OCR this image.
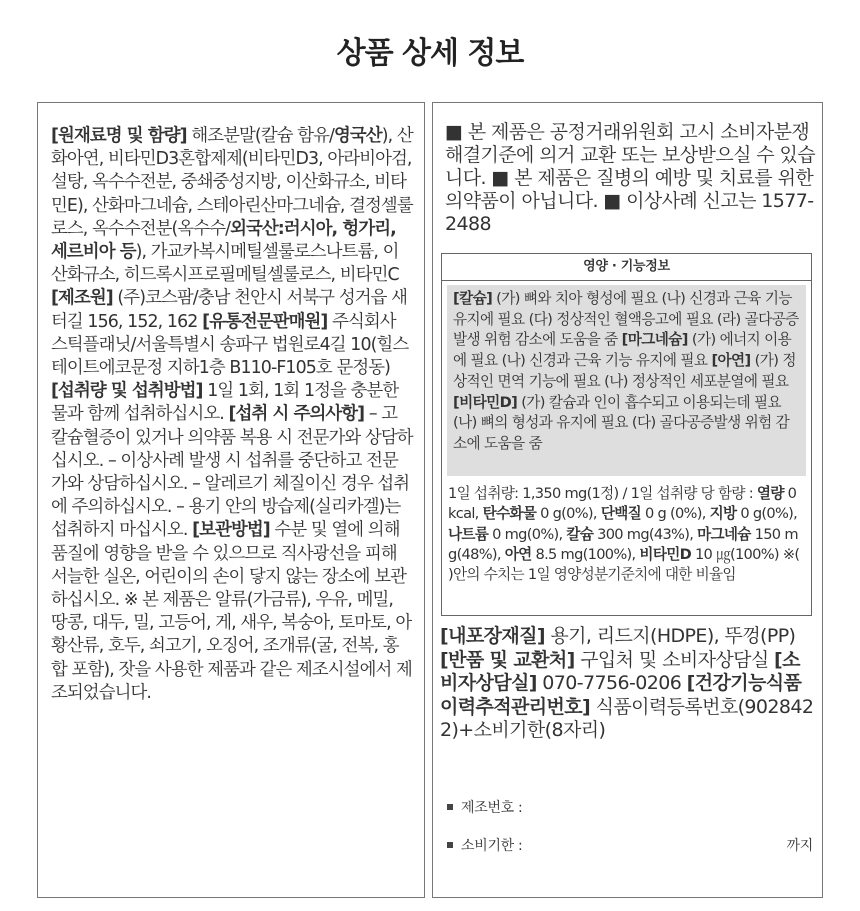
상품 상세 정보
[원재료명 및 함량] 해조분말(칼슘 함유/영국산), 산화아연, 비타민D3혼합제제(비타민D3, 아라비아검, 설탕, 옥수수전분, 중쇄중성지방, 이산화규소, 비타민E), 산화마그네슘, 스테아린산마그네슘, 결정셀룰로스, 옥수수전분(옥수수/외국산:러시아, 헝가리, 세르비아 등), 가교카복시메틸셀룰로스나트륨, 이산화규소, 히드록시프로필메틸셀룰로스, 비타민C [제조원] (주)코스팜/충남 천안시 서북구 성거읍 새터길 156, 152, 162 [유통전문판매원] 주식회사 스틱플래닛/서울특별시 송파구 법원로4길 10(힐스테이트에코문정 지하1층 B110-F105호 문정동) [섭취량 및 섭취방법] 1일 1회, 1회 1정을 충분한 물과 함께 섭취하십시오. [섭취 시 주의사항] – 고칼슘혈증이 있거나 의약품 복용 시 전문가와 상담하십시오. – 이상사례 발생 시 섭취를 중단하고 전문가와 상담하십시오. – 알레르기 체질이신 경우 섭취에 주의하십시오. – 용기 안의 방습제(실리카겔)는 섭취하지 마십시오. [보관방법] 수분 및 열에 의해 품질에 영향을 받을 수 있으므로 직사광선을 피해 서늘한 실온, 어린이의 손이 닿지 않는 장소에 보관하십시오. ※ 본 제품은 알류(가금류), 우유, 메밀, 땅콩, 대두, 밀, 고등어, 게, 새우, 복숭아, 토마토, 아황산류, 호두, 쇠고기, 오징어, 조개류(굴, 전복, 홍합 포함), 잣을 사용한 제품과 같은 제조시설에서 제조되었습니다.
■ 본 제품은 공정거래위원회 고시 소비자분쟁해결기준에 의거 교환 또는 보상받으실 수 있습니다. ■ 본 제품은 질병의 예방 및 치료를 위한 의약품이 아닙니다. ■ 이상사례 신고는 1577-2488
영양 · 기능정보
[칼슘] (가) 뼈와 치아 형성에 필요 (나) 신경과 근육 기능 유지에 필요 (다) 정상적인 혈액응고에 필요 (라) 골다공증 발생 위험 감소에 도움을 줌 [마그네슘] (가) 에너지 이용에 필요 (나) 신경과 근육 기능 유지에 필요 [아연] (가) 정상적인 면역 기능에 필요 (나) 정상적인 세포분열에 필요 [비타민D] (가) 칼슘과 인이 흡수되고 이용되는데 필요 (나) 뼈의 형성과 유지에 필요 (다) 골다공증발생 위험 감소에 도움을 줌
1일 섭취량: 1,350 mg(1정) / 1일 섭취량 당 함량 : 열량 0 kcal, 탄수화물 0 g(0%), 단백질 0 g (0%), 지방 0 g(0%), 나트륨 0 mg(0%), 칼슘 300 mg(43%), 마그네슘 150 mg(48%), 아연 8.5 mg(100%), 비타민D 10 ㎍(100%) ※( )안의 수치는 1일 영양성분기준치에 대한 비율임
[내포장재질] 용기, 리드지(HDPE), 뚜껑(PP) [반품 및 교환처] 구입처 및 소비자상담실 [소비자상담실] 070-7756-0206 [건강기능식품이력추적관리번호] 식품이력등록번호(9028422)+소비기한(8자리)
제조번호 :
소비기한 :	까지
